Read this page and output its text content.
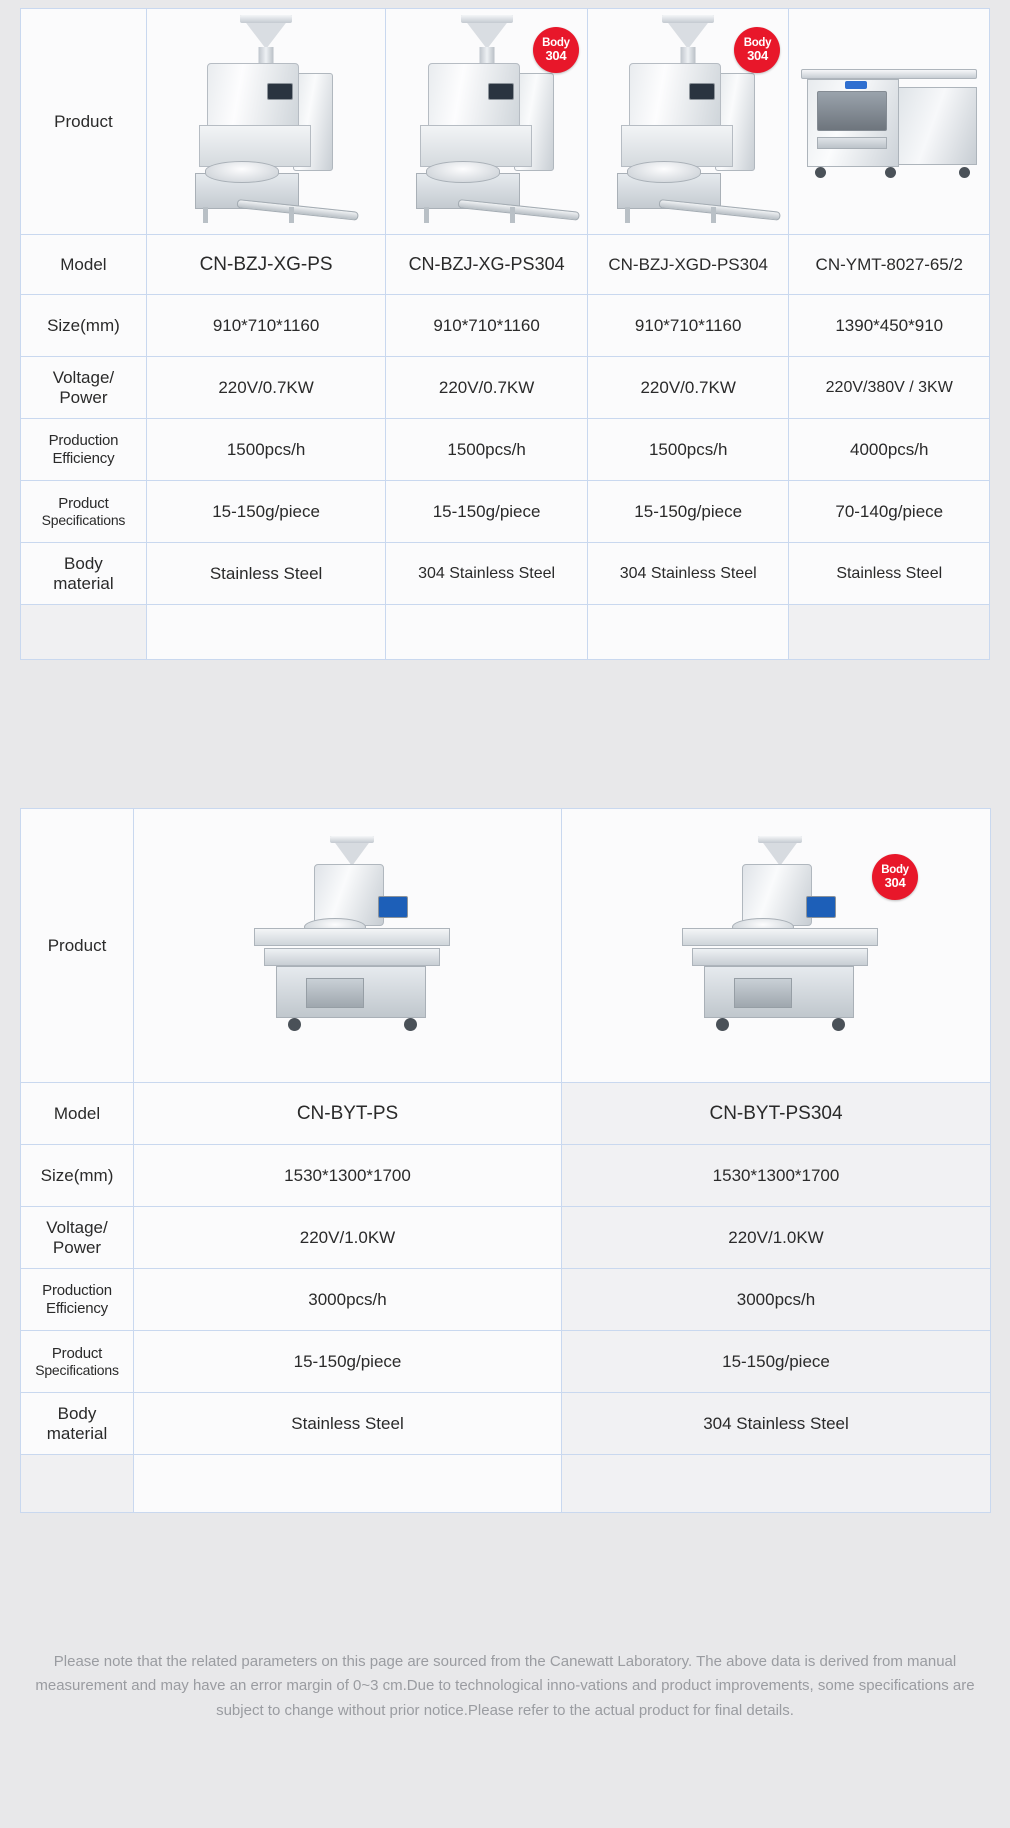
Product		Body
304	Body
304	

Model	CN-BZJ-XG-PS	CN-BZJ-XG-PS304	CN-BZJ-XGD-PS304	CN-YMT-8027-65/2
Size(mm)	910*710*1160	910*710*1160	910*710*1160	1390*450*910

Voltage/
Power	220V/0.7KW	220V/0.7KW	220V/0.7KW	220V/380V / 3KW

Production
Efficiency	1500pcs/h	1500pcs/h	1500pcs/h	4000pcs/h

Product
Specifications	15-150g/piece	15-150g/piece	15-150g/piece	70-140g/piece

Body
material	Stainless Steel	304 Stainless Steel	304 Stainless Steel	Stainless Steel

Product		Body
304

Model	CN-BYT-PS	CN-BYT-PS304
Size(mm)	1530*1300*1700	1530*1300*1700

Voltage/
Power	220V/1.0KW	220V/1.0KW

Production
Efficiency	3000pcs/h	3000pcs/h

Product
Specifications	15-150g/piece	15-150g/piece

Body
material	Stainless Steel	304 Stainless Steel

Please note that the related parameters on this page are sourced from the Canewatt Laboratory. The above data is derived from manual measurement and may have an error margin of 0~3 cm.Due to technological inno-vations and product improvements, some specifications are subject to change without prior notice.Please refer to the actual product for final details.
